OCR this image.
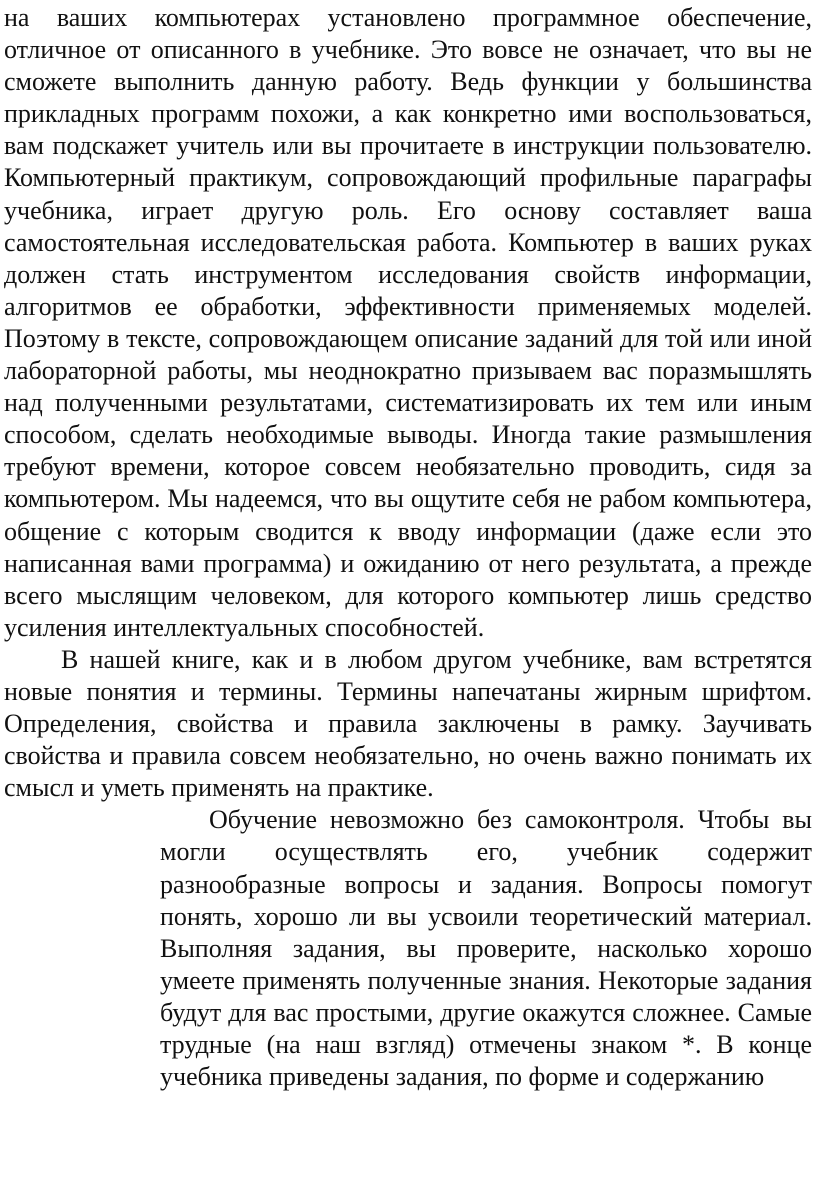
на ваших компьютерах установлено программное обеспечение, отличное от описанного в учебнике. Это вовсе не означает, что вы не сможете выполнить данную работу. Ведь функции у большинства прикладных программ похожи, а как конкретно ими воспользоваться, вам подскажет учитель или вы прочитаете в инструкции пользователю. Компьютерный практикум, сопровождающий профильные параграфы учебника, играет другую роль. Его основу составляет ваша самостоятельная исследовательская работа. Компьютер в ваших руках должен стать инструментом исследования свойств информации, алгоритмов ее обработки, эффективности применяемых моделей. Поэтому в тексте, сопровождающем описание заданий для той или иной лабораторной работы, мы неоднократно призываем вас поразмышлять над полученными результатами, систематизировать их тем или иным способом, сделать необходимые выводы. Иногда такие размышления требуют времени, которое совсем необязательно проводить, сидя за компьютером. Мы надеемся, что вы ощутите себя не рабом компьютера, общение с которым сводится к вводу информации (даже если это написанная вами программа) и ожиданию от него результата, а прежде всего мыслящим человеком, для которого компьютер лишь средство усиления интеллектуальных способностей.

В нашей книге, как и в любом другом учебнике, вам встретятся новые понятия и термины. Термины напечатаны жирным шрифтом. Определения, свойства и правила заключены в рамку. Заучивать свойства и правила совсем необязательно, но очень важно понимать их смысл и уметь применять на практике.

Обучение невозможно без самоконтроля. Чтобы вы могли осуществлять его, учебник содержит разнообразные вопросы и задания. Вопросы помогут понять, хорошо ли вы усвоили теоретический материал. Выполняя задания, вы проверите, насколько хорошо умеете применять полученные знания. Некоторые задания будут для вас простыми, другие окажутся сложнее. Самые трудные (на наш взгляд) отмечены знаком *. В конце учебника приведены задания, по форме и содержанию
